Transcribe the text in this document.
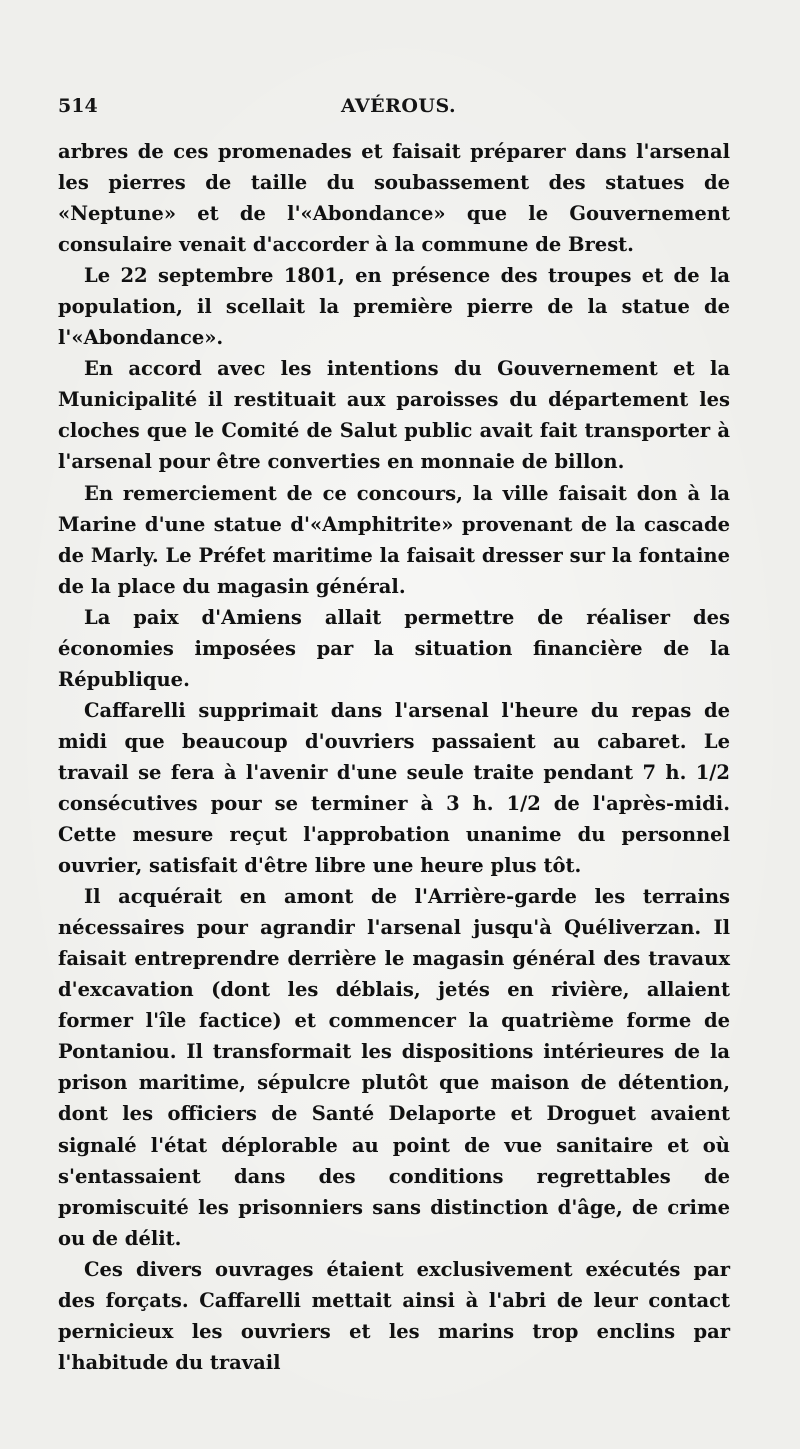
514	AVÉROUS.

arbres de ces promenades et faisait préparer dans l'arsenal les pierres de taille du soubassement des statues de «Neptune» et de l'«Abondance» que le Gouvernement consulaire venait d'accorder à la commune de Brest.

Le 22 septembre 1801, en présence des troupes et de la population, il scellait la première pierre de la statue de l'«Abondance».

En accord avec les intentions du Gouvernement et la Municipalité il restituait aux paroisses du département les cloches que le Comité de Salut public avait fait transporter à l'arsenal pour être converties en monnaie de billon.

En remerciement de ce concours, la ville faisait don à la Marine d'une statue d'«Amphitrite» provenant de la cascade de Marly. Le Préfet maritime la faisait dresser sur la fontaine de la place du magasin général.

La paix d'Amiens allait permettre de réaliser des économies imposées par la situation financière de la République.

Caffarelli supprimait dans l'arsenal l'heure du repas de midi que beaucoup d'ouvriers passaient au cabaret. Le travail se fera à l'avenir d'une seule traite pendant 7 h. 1/2 consécutives pour se terminer à 3 h. 1/2 de l'après-midi. Cette mesure reçut l'approbation unanime du personnel ouvrier, satisfait d'être libre une heure plus tôt.

Il acquérait en amont de l'Arrière-garde les terrains nécessaires pour agrandir l'arsenal jusqu'à Quéliverzan. Il faisait entreprendre derrière le magasin général des travaux d'excavation (dont les déblais, jetés en rivière, allaient former l'île factice) et commencer la quatrième forme de Pontaniou. Il transformait les dispositions intérieures de la prison maritime, sépulcre plutôt que maison de détention, dont les officiers de Santé Delaporte et Droguet avaient signalé l'état déplorable au point de vue sanitaire et où s'entassaient dans des conditions regrettables de promiscuité les prisonniers sans distinction d'âge, de crime ou de délit.

Ces divers ouvrages étaient exclusivement exécutés par des forçats. Caffarelli mettait ainsi à l'abri de leur contact pernicieux les ouvriers et les marins trop enclins par l'habitude du travail
